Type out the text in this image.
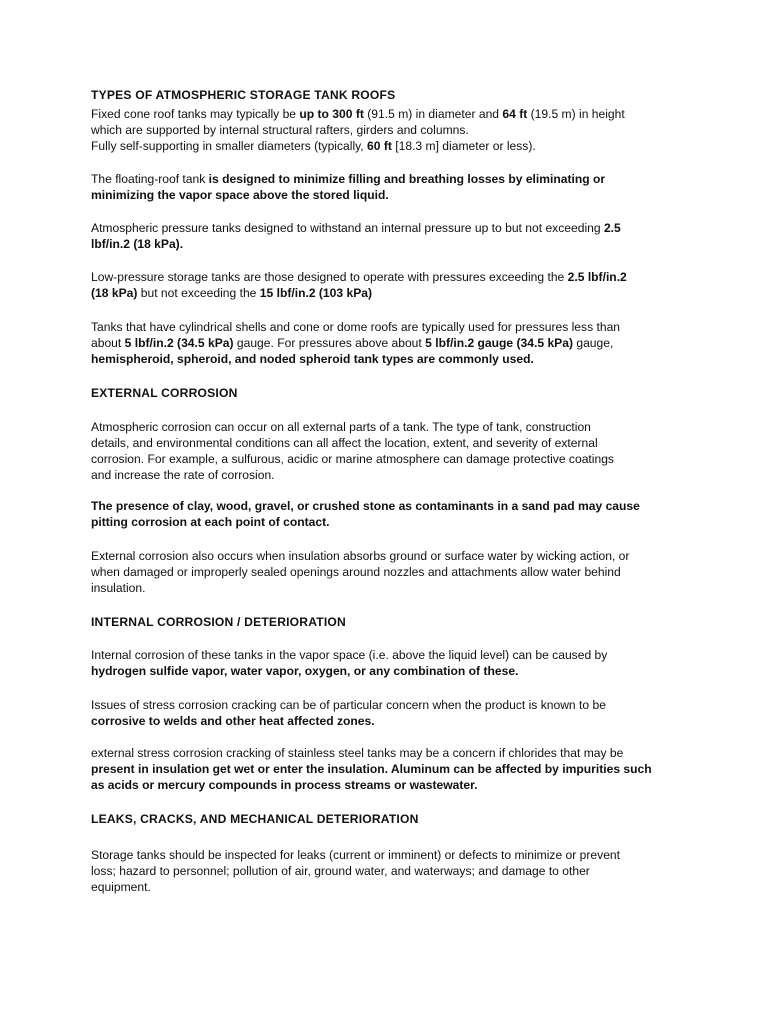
TYPES OF ATMOSPHERIC STORAGE TANK ROOFS
Fixed cone roof tanks may typically be up to 300 ft (91.5 m) in diameter and 64 ft (19.5 m) in height
which are supported by internal structural rafters, girders and columns.
Fully self-supporting in smaller diameters (typically, 60 ft [18.3 m] diameter or less).
The floating-roof tank is designed to minimize filling and breathing losses by eliminating or
minimizing the vapor space above the stored liquid.
Atmospheric pressure tanks designed to withstand an internal pressure up to but not exceeding 2.5
lbf/in.2 (18 kPa).
Low-pressure storage tanks are those designed to operate with pressures exceeding the 2.5 lbf/in.2
(18 kPa) but not exceeding the 15 lbf/in.2 (103 kPa)
Tanks that have cylindrical shells and cone or dome roofs are typically used for pressures less than
about 5 lbf/in.2 (34.5 kPa) gauge. For pressures above about 5 lbf/in.2 gauge (34.5 kPa) gauge,
hemispheroid, spheroid, and noded spheroid tank types are commonly used.
EXTERNAL CORROSION
Atmospheric corrosion can occur on all external parts of a tank. The type of tank, construction
details, and environmental conditions can all affect the location, extent, and severity of external
corrosion. For example, a sulfurous, acidic or marine atmosphere can damage protective coatings
and increase the rate of corrosion.
The presence of clay, wood, gravel, or crushed stone as contaminants in a sand pad may cause
pitting corrosion at each point of contact.
External corrosion also occurs when insulation absorbs ground or surface water by wicking action, or
when damaged or improperly sealed openings around nozzles and attachments allow water behind
insulation.
INTERNAL CORROSION / DETERIORATION
Internal corrosion of these tanks in the vapor space (i.e. above the liquid level) can be caused by
hydrogen sulfide vapor, water vapor, oxygen, or any combination of these.
Issues of stress corrosion cracking can be of particular concern when the product is known to be
corrosive to welds and other heat affected zones.
external stress corrosion cracking of stainless steel tanks may be a concern if chlorides that may be
present in insulation get wet or enter the insulation. Aluminum can be affected by impurities such
as acids or mercury compounds in process streams or wastewater.
LEAKS, CRACKS, AND MECHANICAL DETERIORATION
Storage tanks should be inspected for leaks (current or imminent) or defects to minimize or prevent
loss; hazard to personnel; pollution of air, ground water, and waterways; and damage to other
equipment.
